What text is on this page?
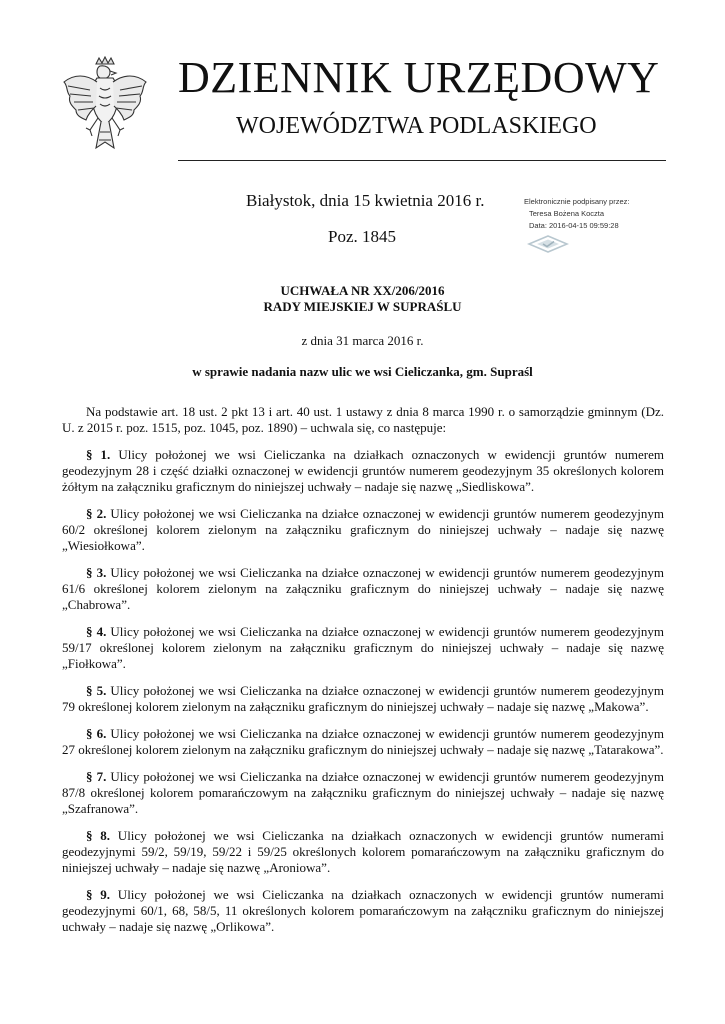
DZIENNIK URZĘDOWY
WOJEWÓDZTWA PODLASKIEGO
Białystok, dnia 15 kwietnia 2016 r.
Poz. 1845
Elektronicznie podpisany przez:
Teresa Bożena Koczta
Data: 2016-04-15 09:59:28
UCHWAŁA NR XX/206/2016
RADY MIEJSKIEJ W SUPRAŚLU
z dnia 31 marca 2016 r.
w sprawie nadania nazw ulic we wsi Cieliczanka, gm. Supraśl

Na podstawie art. 18 ust. 2 pkt 13 i art. 40 ust. 1 ustawy z dnia 8 marca 1990 r. o samorządzie gminnym (Dz. U. z 2015 r. poz. 1515, poz. 1045, poz. 1890) – uchwala się, co następuje:

§ 1. Ulicy położonej we wsi Cieliczanka na działkach oznaczonych w ewidencji gruntów numerem geodezyjnym 28 i część działki oznaczonej w ewidencji gruntów numerem geodezyjnym 35 określonych kolorem żółtym na załączniku graficznym do niniejszej uchwały – nadaje się nazwę „Siedliskowa”.

§ 2. Ulicy położonej we wsi Cieliczanka na działce oznaczonej w ewidencji gruntów numerem geodezyjnym 60/2 określonej kolorem zielonym na załączniku graficznym do niniejszej uchwały – nadaje się nazwę „Wiesiołkowa”.

§ 3. Ulicy położonej we wsi Cieliczanka na działce oznaczonej w ewidencji gruntów numerem geodezyjnym 61/6 określonej kolorem zielonym na załączniku graficznym do niniejszej uchwały – nadaje się nazwę „Chabrowa”.

§ 4. Ulicy położonej we wsi Cieliczanka na działce oznaczonej w ewidencji gruntów numerem geodezyjnym 59/17 określonej kolorem zielonym na załączniku graficznym do niniejszej uchwały – nadaje się nazwę „Fiołkowa”.

§ 5. Ulicy położonej we wsi Cieliczanka na działce oznaczonej w ewidencji gruntów numerem geodezyjnym 79 określonej kolorem zielonym na załączniku graficznym do niniejszej uchwały – nadaje się nazwę „Makowa”.

§ 6. Ulicy położonej we wsi Cieliczanka na działce oznaczonej w ewidencji gruntów numerem geodezyjnym 27 określonej kolorem zielonym na załączniku graficznym do niniejszej uchwały – nadaje się nazwę „Tatarakowa”.

§ 7. Ulicy położonej we wsi Cieliczanka na działce oznaczonej w ewidencji gruntów numerem geodezyjnym 87/8 określonej kolorem pomarańczowym na załączniku graficznym do niniejszej uchwały – nadaje się nazwę „Szafranowa”.

§ 8. Ulicy położonej we wsi Cieliczanka na działkach oznaczonych w ewidencji gruntów numerami geodezyjnymi 59/2, 59/19, 59/22 i 59/25 określonych kolorem pomarańczowym na załączniku graficznym do niniejszej uchwały – nadaje się nazwę „Aroniowa”.

§ 9. Ulicy położonej we wsi Cieliczanka na działkach oznaczonych w ewidencji gruntów numerami geodezyjnymi 60/1, 68, 58/5, 11 określonych kolorem pomarańczowym na załączniku graficznym do niniejszej uchwały – nadaje się nazwę „Orlikowa”.
